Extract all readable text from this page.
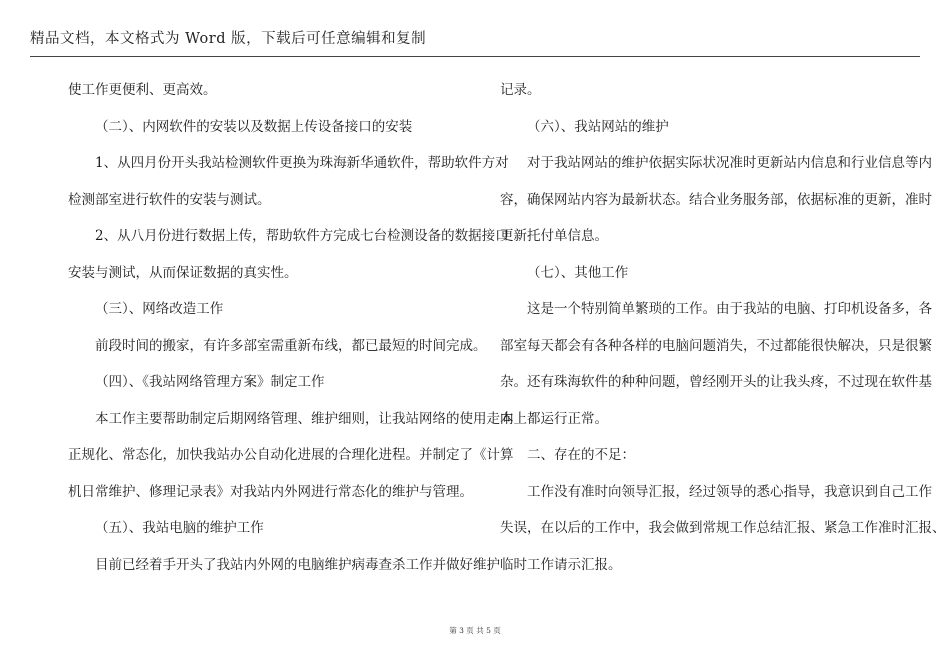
精品文档，本文格式为 Word 版，下载后可任意编辑和复制
使工作更便利、更高效。
（二）、内网软件的安装以及数据上传设备接口的安装
1、从四月份开头我站检测软件更换为珠海新华通软件，帮助软件方对
检测部室进行软件的安装与测试。
2、从八月份进行数据上传，帮助软件方完成七台检测设备的数据接口
安装与测试，从而保证数据的真实性。
（三）、网络改造工作
前段时间的搬家，有许多部室需重新布线，都已最短的时间完成。
（四）、《我站网络管理方案》制定工作
本工作主要帮助制定后期网络管理、维护细则，让我站网络的使用走向
正规化、常态化，加快我站办公自动化进展的合理化进程。并制定了《计算
机日常维护、修理记录表》对我站内外网进行常态化的维护与管理。
（五）、我站电脑的维护工作
目前已经着手开头了我站内外网的电脑维护病毒查杀工作并做好维护
记录。
（六）、我站网站的维护
对于我站网站的维护依据实际状况准时更新站内信息和行业信息等内
容，确保网站内容为最新状态。结合业务服务部，依据标准的更新，准时
更新托付单信息。
（七）、其他工作
这是一个特别简单繁琐的工作。由于我站的电脑、打印机设备多，各
部室每天都会有各种各样的电脑问题消失，不过都能很快解决，只是很繁
杂。还有珠海软件的种种问题，曾经刚开头的让我头疼，不过现在软件基
本上都运行正常。
二、存在的不足：
工作没有准时向领导汇报，经过领导的悉心指导，我意识到自己工作
失误，在以后的工作中，我会做到常规工作总结汇报、紧急工作准时汇报、
临时工作请示汇报。
第 3 页 共 5 页
